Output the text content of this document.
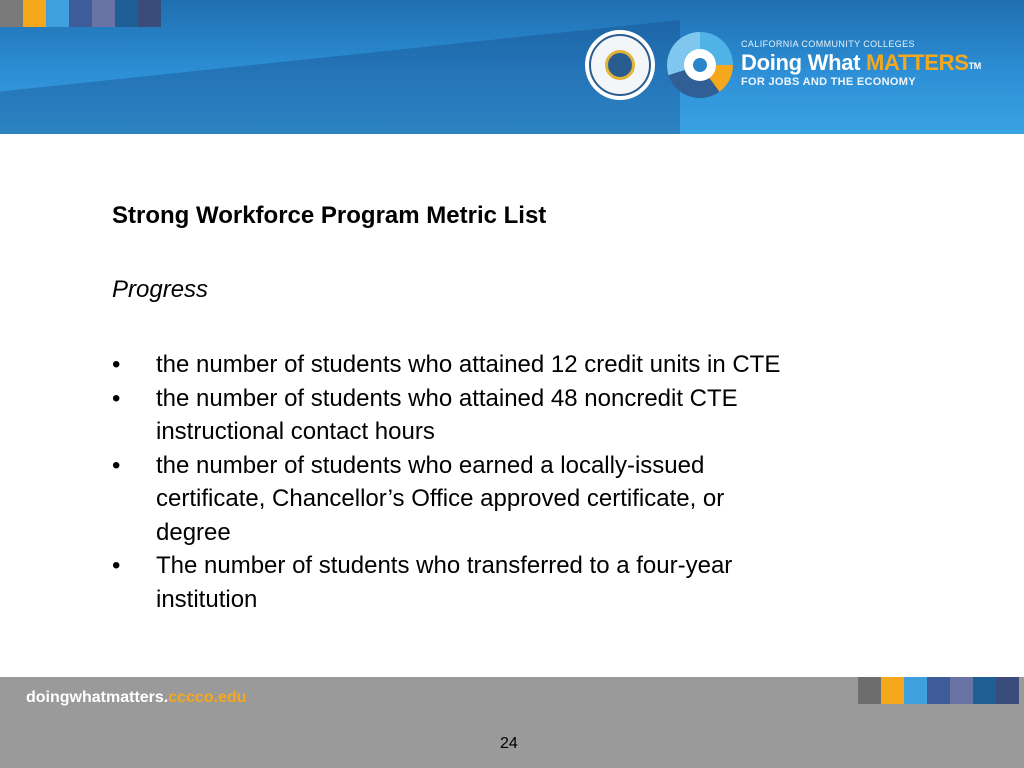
CALIFORNIA COMMUNITY COLLEGES
Doing What MATTERS™
FOR JOBS AND THE ECONOMY
Strong Workforce Program Metric List
Progress
•	the number of students who attained 12 credit units in CTE
•	the number of students who attained 48 noncredit CTE
instructional contact hours
•	the number of students who earned a locally-issued
certificate, Chancellor’s Office approved certificate, or
degree
•	The number of students who transferred to a four-year
institution
doingwhatmatters.cccco.edu
24
